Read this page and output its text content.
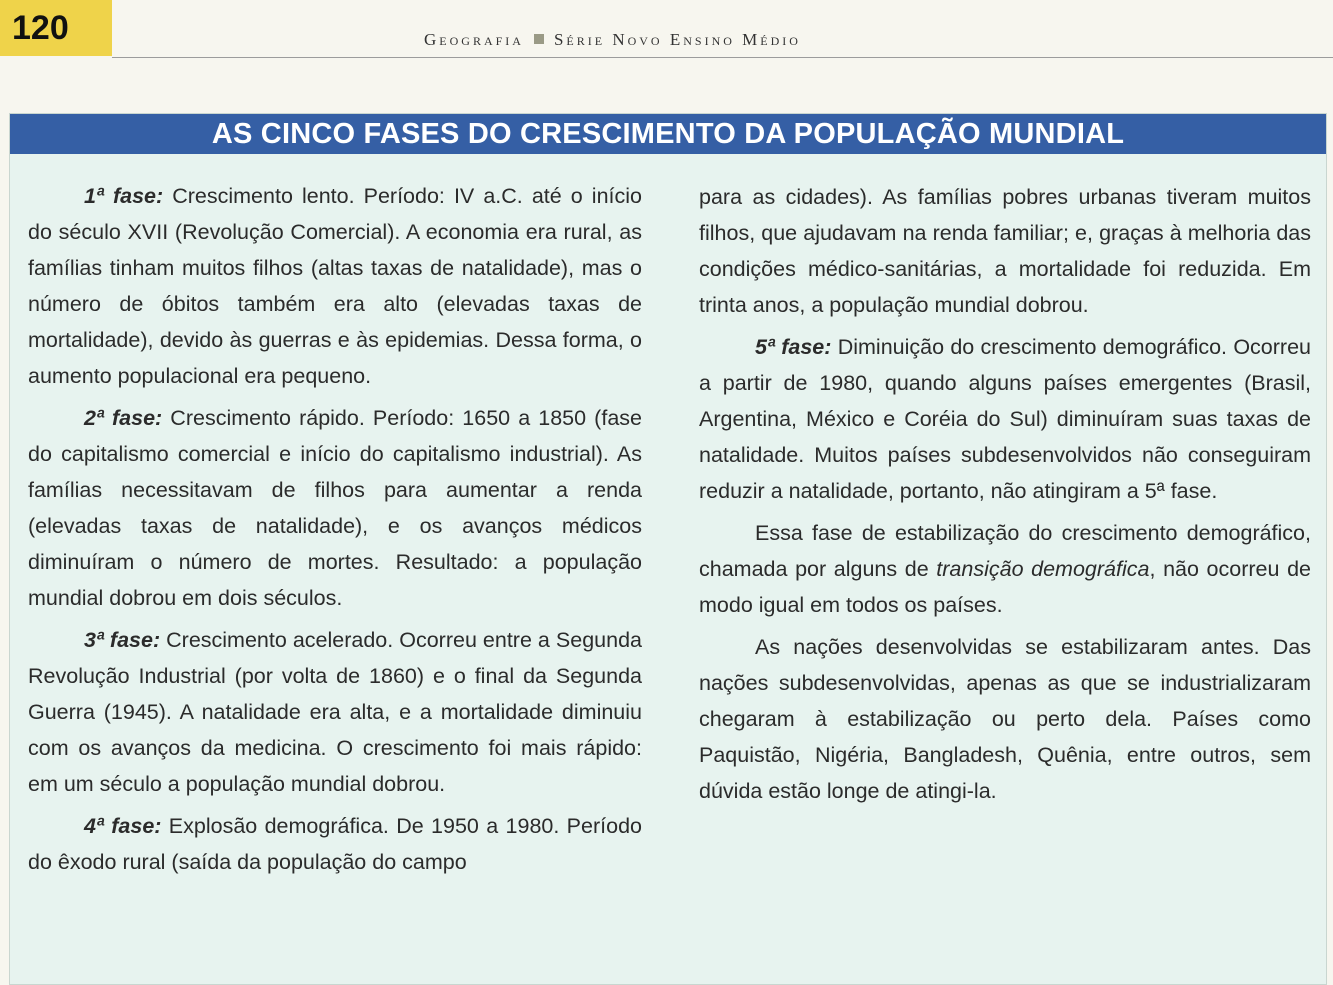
120	Geografia Série Novo Ensino Médio
AS CINCO FASES DO CRESCIMENTO DA POPULAÇÃO MUNDIAL

1ª fase: Crescimento lento. Período: IV a.C. até o início do século XVII (Revolução Comercial). A economia era rural, as famílias tinham muitos filhos (altas taxas de natalidade), mas o número de óbitos também era alto (elevadas taxas de mortalidade), devido às guerras e às epidemias. Dessa forma, o aumento populacional era pequeno.

2ª fase: Crescimento rápido. Período: 1650 a 1850 (fase do capitalismo comercial e início do capitalismo industrial). As famílias necessitavam de filhos para aumentar a renda (elevadas taxas de natalidade), e os avanços médicos diminuíram o número de mortes. Resultado: a população mundial dobrou em dois séculos.

3ª fase: Crescimento acelerado. Ocorreu entre a Segunda Revolução Industrial (por volta de 1860) e o final da Segunda Guerra (1945). A natalidade era alta, e a mortalidade diminuiu com os avanços da medicina. O crescimento foi mais rápido: em um século a população mundial dobrou.

4ª fase: Explosão demográfica. De 1950 a 1980. Período do êxodo rural (saída da população do campo

para as cidades). As famílias pobres urbanas tiveram muitos filhos, que ajudavam na renda familiar; e, graças à melhoria das condições médico-sanitárias, a mortalidade foi reduzida. Em trinta anos, a população mundial dobrou.

5ª fase: Diminuição do crescimento demográfico. Ocorreu a partir de 1980, quando alguns países emergentes (Brasil, Argentina, México e Coréia do Sul) diminuíram suas taxas de natalidade. Muitos países subdesenvolvidos não conseguiram reduzir a natalidade, portanto, não atingiram a 5ª fase.

Essa fase de estabilização do crescimento demográfico, chamada por alguns de transição demográfica, não ocorreu de modo igual em todos os países.

As nações desenvolvidas se estabilizaram antes. Das nações subdesenvolvidas, apenas as que se industrializaram chegaram à estabilização ou perto dela. Países como Paquistão, Nigéria, Bangladesh, Quênia, entre outros, sem dúvida estão longe de atingi-la.
